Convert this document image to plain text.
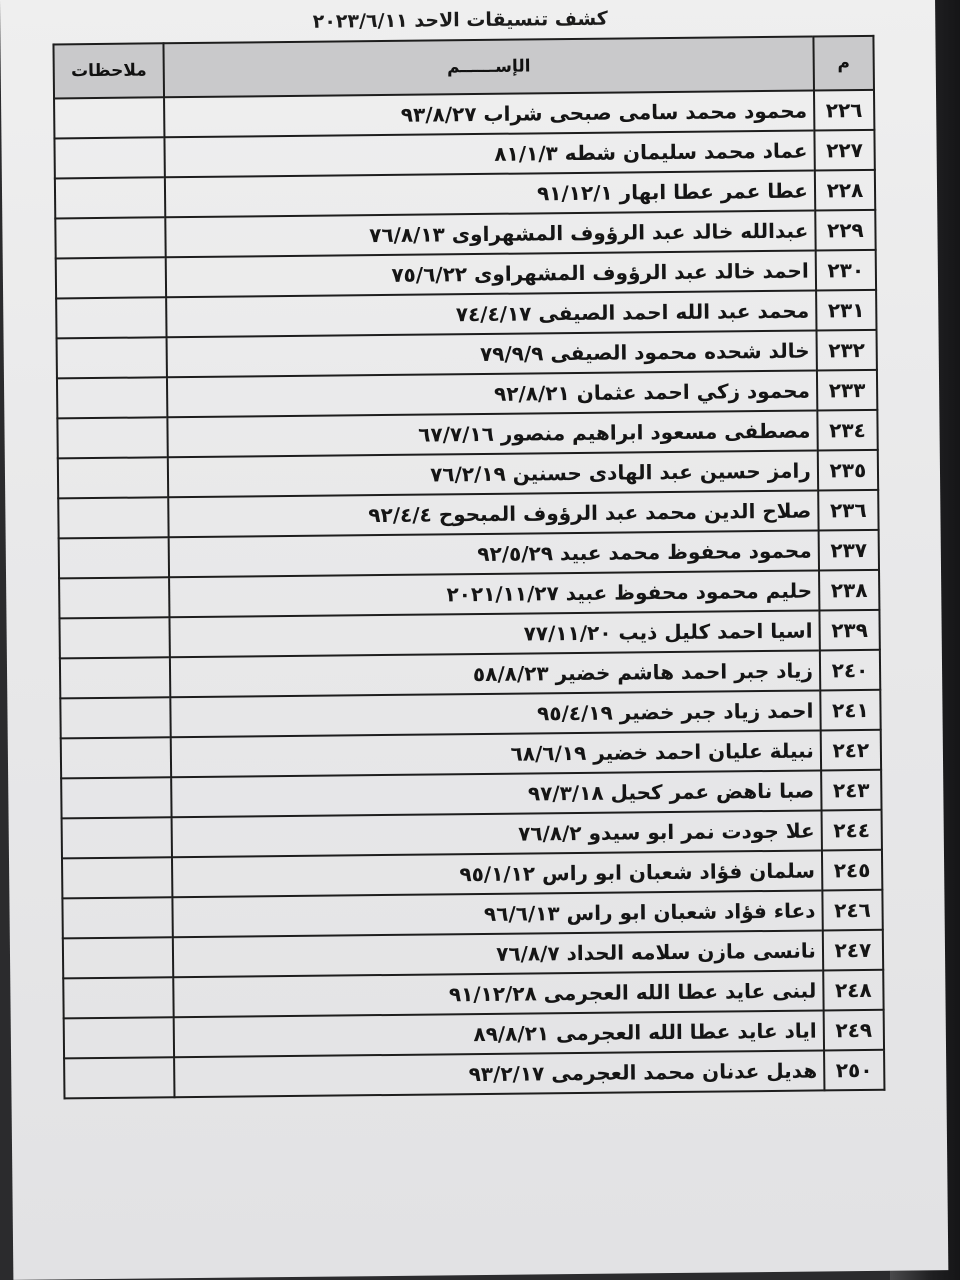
كشف تنسيقات الاحد ٢٠٢٣/٦/١١
م	الإســــــم	ملاحظات
٢٢٦	محمود محمد سامى صبحى شراب ٩٣/٨/٢٧	
٢٢٧	عماد محمد سليمان شطه ٨١/١/٣	
٢٢٨	عطا عمر عطا ابهار ٩١/١٢/١	
٢٢٩	عبدالله خالد عبد الرؤوف المشهراوى ٧٦/٨/١٣	
٢٣٠	احمد خالد عبد الرؤوف المشهراوى ٧٥/٦/٢٢	
٢٣١	محمد عبد الله احمد الصيفى ٧٤/٤/١٧	
٢٣٢	خالد شحده محمود الصيفى ٧٩/٩/٩	
٢٣٣	محمود زكي احمد عثمان ٩٢/٨/٢١	
٢٣٤	مصطفى مسعود ابراهيم منصور ٦٧/٧/١٦	
٢٣٥	رامز حسين عبد الهادى حسنين ٧٦/٢/١٩	
٢٣٦	صلاح الدين محمد عبد الرؤوف المبحوح ٩٢/٤/٤	
٢٣٧	محمود محفوظ محمد عبيد ٩٢/٥/٢٩	
٢٣٨	حليم محمود محفوظ عبيد ٢٠٢١/١١/٢٧	
٢٣٩	اسيا احمد كليل ذيب ٧٧/١١/٢٠	
٢٤٠	زياد جبر احمد هاشم خضير ٥٨/٨/٢٣	
٢٤١	احمد زياد جبر خضير ٩٥/٤/١٩	
٢٤٢	نبيلة عليان احمد خضير ٦٨/٦/١٩	
٢٤٣	صبا ناهض عمر كحيل ٩٧/٣/١٨	
٢٤٤	علا جودت نمر ابو سيدو ٧٦/٨/٢	
٢٤٥	سلمان فؤاد شعبان ابو راس ٩٥/١/١٢	
٢٤٦	دعاء فؤاد شعبان ابو راس ٩٦/٦/١٣	
٢٤٧	نانسى مازن سلامه الحداد ٧٦/٨/٧	
٢٤٨	لبنى عايد عطا الله العجرمى ٩١/١٢/٢٨	
٢٤٩	اياد عايد عطا الله العجرمى ٨٩/٨/٢١	
٢٥٠	هديل عدنان محمد العجرمى ٩٣/٢/١٧	
